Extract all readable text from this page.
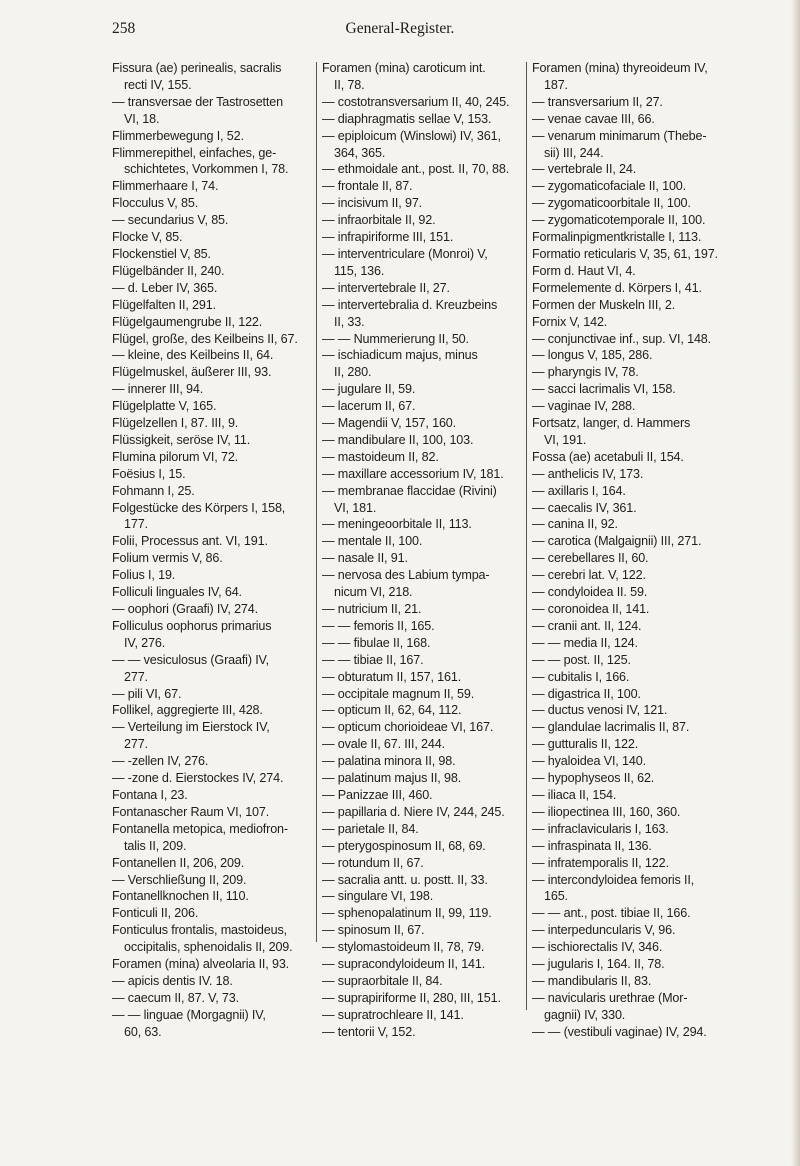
258	General-Register.
Fissura (ae) perinealis, sacralis
recti IV, 155.
— transversae der Tastrosetten
VI, 18.
Flimmerbewegung I, 52.
Flimmerepithel, einfaches, ge-
schichtetes, Vorkommen I, 78.
Flimmerhaare I, 74.
Flocculus V, 85.
— secundarius V, 85.
Flocke V, 85.
Flockenstiel V, 85.
Flügelbänder II, 240.
— d. Leber IV, 365.
Flügelfalten II, 291.
Flügelgaumengrube II, 122.
Flügel, große, des Keilbeins II, 67.
— kleine, des Keilbeins II, 64.
Flügelmuskel, äußerer III, 93.
— innerer III, 94.
Flügelplatte V, 165.
Flügelzellen I, 87. III, 9.
Flüssigkeit, seröse IV, 11.
Flumina pilorum VI, 72.
Foësius I, 15.
Fohmann I, 25.
Folgestücke des Körpers I, 158,
177.
Folii, Processus ant. VI, 191.
Folium vermis V, 86.
Folius I, 19.
Folliculi linguales IV, 64.
— oophori (Graafi) IV, 274.
Folliculus oophorus primarius
IV, 276.
— — vesiculosus (Graafi) IV,
277.
— pili VI, 67.
Follikel, aggregierte III, 428.
— Verteilung im Eierstock IV,
277.
— -zellen IV, 276.
— -zone d. Eierstockes IV, 274.
Fontana I, 23.
Fontanascher Raum VI, 107.
Fontanella metopica, mediofron-
talis II, 209.
Fontanellen II, 206, 209.
— Verschließung II, 209.
Fontanellknochen II, 110.
Fonticuli II, 206.
Fonticulus frontalis, mastoideus,
occipitalis, sphenoidalis II, 209.
Foramen (mina) alveolaria II, 93.
— apicis dentis IV. 18.
— caecum II, 87. V, 73.
— — linguae (Morgagnii) IV,
60, 63.
Foramen (mina) caroticum int.
II, 78.
— costotransversarium II, 40, 245.
— diaphragmatis sellae V, 153.
— epiploicum (Winslowi) IV, 361,
364, 365.
— ethmoidale ant., post. II, 70, 88.
— frontale II, 87.
— incisivum II, 97.
— infraorbitale II, 92.
— infrapiriforme III, 151.
— interventriculare (Monroi) V,
115, 136.
— intervertebrale II, 27.
— intervertebralia d. Kreuzbeins
II, 33.
— — Nummerierung II, 50.
— ischiadicum majus, minus
II, 280.
— jugulare II, 59.
— lacerum II, 67.
— Magendii V, 157, 160.
— mandibulare II, 100, 103.
— mastoideum II, 82.
— maxillare accessorium IV, 181.
— membranae flaccidae (Rivini)
VI, 181.
— meningeoorbitale II, 113.
— mentale II, 100.
— nasale II, 91.
— nervosa des Labium tympa-
nicum VI, 218.
— nutricium II, 21.
— — femoris II, 165.
— — fibulae II, 168.
— — tibiae II, 167.
— obturatum II, 157, 161.
— occipitale magnum II, 59.
— opticum II, 62, 64, 112.
— opticum chorioideae VI, 167.
— ovale II, 67. III, 244.
— palatina minora II, 98.
— palatinum majus II, 98.
— Panizzae III, 460.
— papillaria d. Niere IV, 244, 245.
— parietale II, 84.
— pterygospinosum II, 68, 69.
— rotundum II, 67.
— sacralia antt. u. postt. II, 33.
— singulare VI, 198.
— sphenopalatinum II, 99, 119.
— spinosum II, 67.
— stylomastoideum II, 78, 79.
— supracondyloideum II, 141.
— supraorbitale II, 84.
— suprapiriforme II, 280, III, 151.
— supratrochleare II, 141.
— tentorii V, 152.
Foramen (mina) thyreoideum IV,
187.
— transversarium II, 27.
— venae cavae III, 66.
— venarum minimarum (Thebe-
sii) III, 244.
— vertebrale II, 24.
— zygomaticofaciale II, 100.
— zygomaticoorbitale II, 100.
— zygomaticotemporale II, 100.
Formalinpigmentkristalle I, 113.
Formatio reticularis V, 35, 61, 197.
Form d. Haut VI, 4.
Formelemente d. Körpers I, 41.
Formen der Muskeln III, 2.
Fornix V, 142.
— conjunctivae inf., sup. VI, 148.
— longus V, 185, 286.
— pharyngis IV, 78.
— sacci lacrimalis VI, 158.
— vaginae IV, 288.
Fortsatz, langer, d. Hammers
VI, 191.
Fossa (ae) acetabuli II, 154.
— anthelicis IV, 173.
— axillaris I, 164.
— caecalis IV, 361.
— canina II, 92.
— carotica (Malgaignii) III, 271.
— cerebellares II, 60.
— cerebri lat. V, 122.
— condyloidea II. 59.
— coronoidea II, 141.
— cranii ant. II, 124.
— — media II, 124.
— — post. II, 125.
— cubitalis I, 166.
— digastrica II, 100.
— ductus venosi IV, 121.
— glandulae lacrimalis II, 87.
— gutturalis II, 122.
— hyaloidea VI, 140.
— hypophyseos II, 62.
— iliaca II, 154.
— iliopectinea III, 160, 360.
— infraclavicularis I, 163.
— infraspinata II, 136.
— infratemporalis II, 122.
— intercondyloidea femoris II,
165.
— — ant., post. tibiae II, 166.
— interpeduncularis V, 96.
— ischiorectalis IV, 346.
— jugularis I, 164. II, 78.
— mandibularis II, 83.
— navicularis urethrae (Mor-
gagnii) IV, 330.
— — (vestibuli vaginae) IV, 294.
